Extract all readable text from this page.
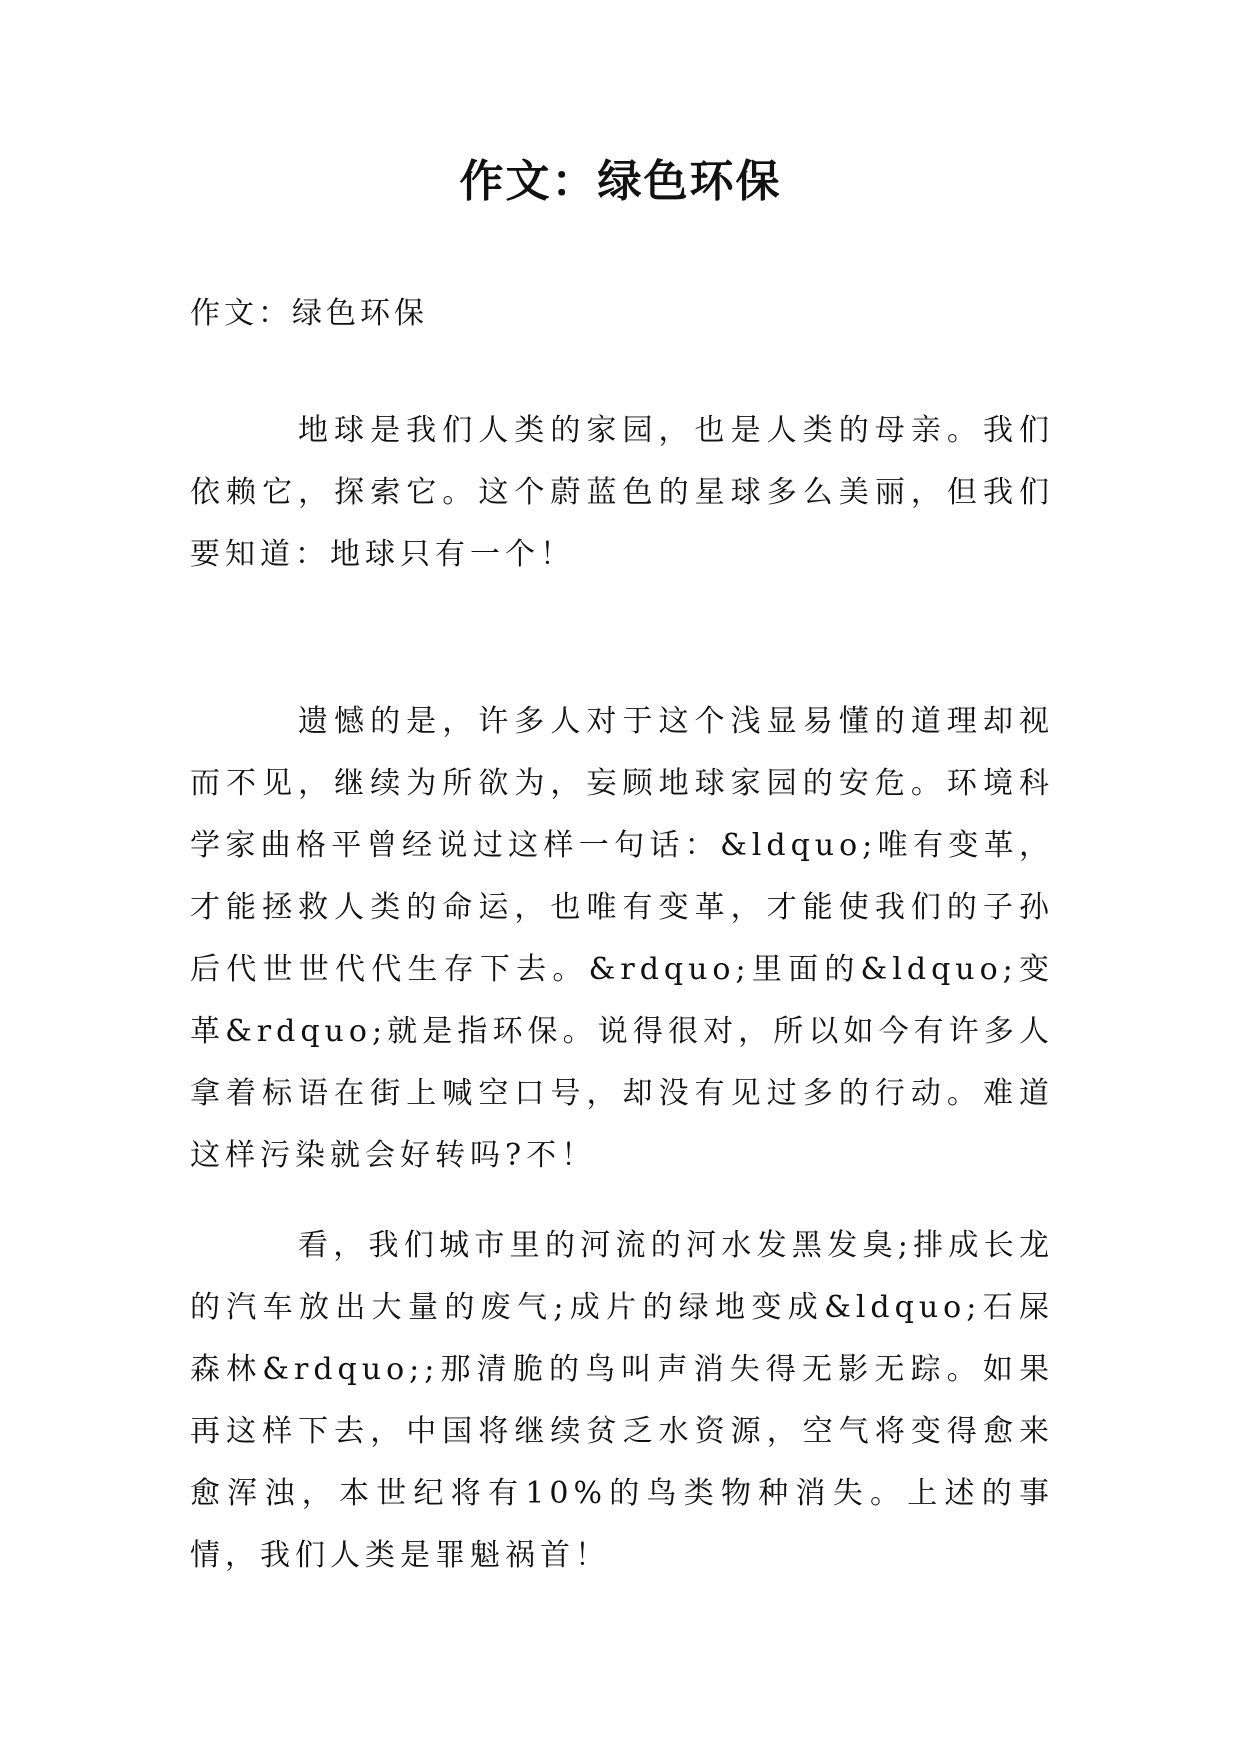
作文：绿色环保

作文：绿色环保

地球是我们人类的家园，也是人类的母亲。我们依赖它，探索它。这个蔚蓝色的星球多么美丽，但我们要知道：地球只有一个！

遗憾的是，许多人对于这个浅显易懂的道理却视而不见，继续为所欲为，妄顾地球家园的安危。环境科学家曲格平曾经说过这样一句话：&ldquo;唯有变革，才能拯救人类的命运，也唯有变革，才能使我们的子孙后代世世代代生存下去。&rdquo;里面的&ldquo;变革&rdquo;就是指环保。说得很对，所以如今有许多人拿着标语在街上喊空口号，却没有见过多的行动。难道这样污染就会好转吗?不！

看，我们城市里的河流的河水发黑发臭;排成长龙的汽车放出大量的废气;成片的绿地变成&ldquo;石屎森林&rdquo;;那清脆的鸟叫声消失得无影无踪。如果再这样下去，中国将继续贫乏水资源，空气将变得愈来愈浑浊，本世纪将有10%的鸟类物种消失。上述的事情，我们人类是罪魁祸首！
